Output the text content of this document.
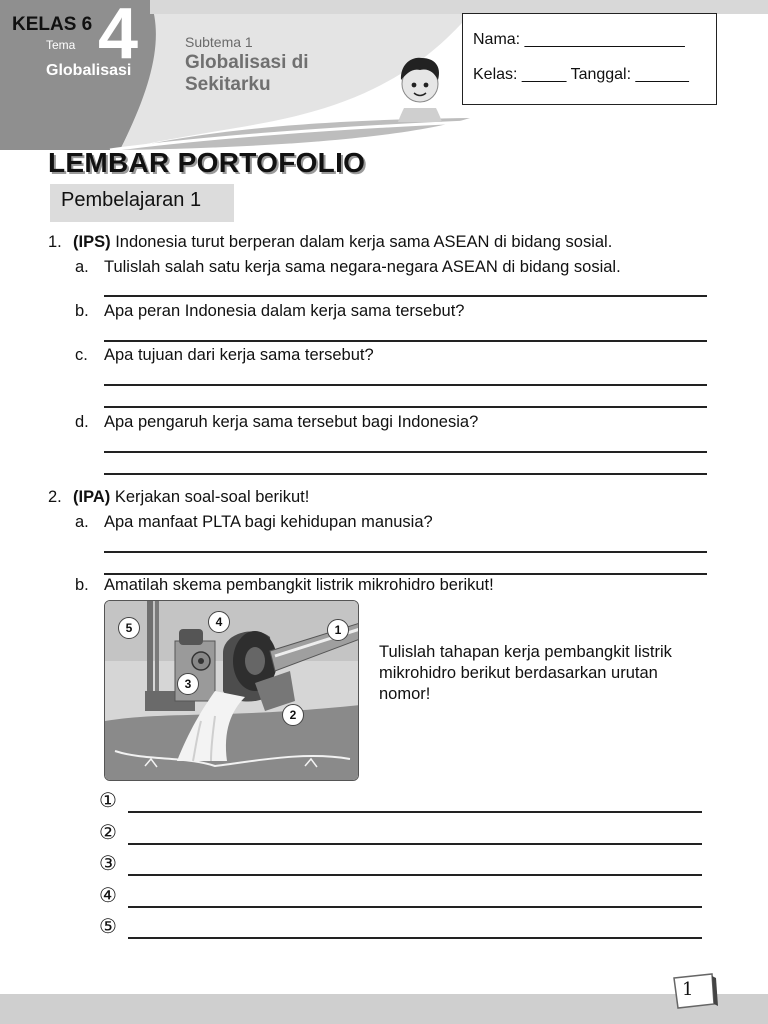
KELAS 6
Tema 4
Globalisasi
Subtema 1
Globalisasi di Sekitarku
Nama: __________________
Kelas: _____ Tanggal: ______
LEMBAR PORTOFOLIO
Pembelajaran 1
1. (IPS) Indonesia turut berperan dalam kerja sama ASEAN di bidang sosial.
a. Tulislah salah satu kerja sama negara-negara ASEAN di bidang sosial.
b. Apa peran Indonesia dalam kerja sama tersebut?
c. Apa tujuan dari kerja sama tersebut?
d. Apa pengaruh kerja sama tersebut bagi Indonesia?
2. (IPA) Kerjakan soal-soal berikut!
a. Apa manfaat PLTA bagi kehidupan manusia?
b. Amatilah skema pembangkit listrik mikrohidro berikut!
5	4
1
3
2
Tulislah tahapan kerja pembangkit listrik mikrohidro berikut berdasarkan urutan nomor!
①
②
③
④
⑤
1
